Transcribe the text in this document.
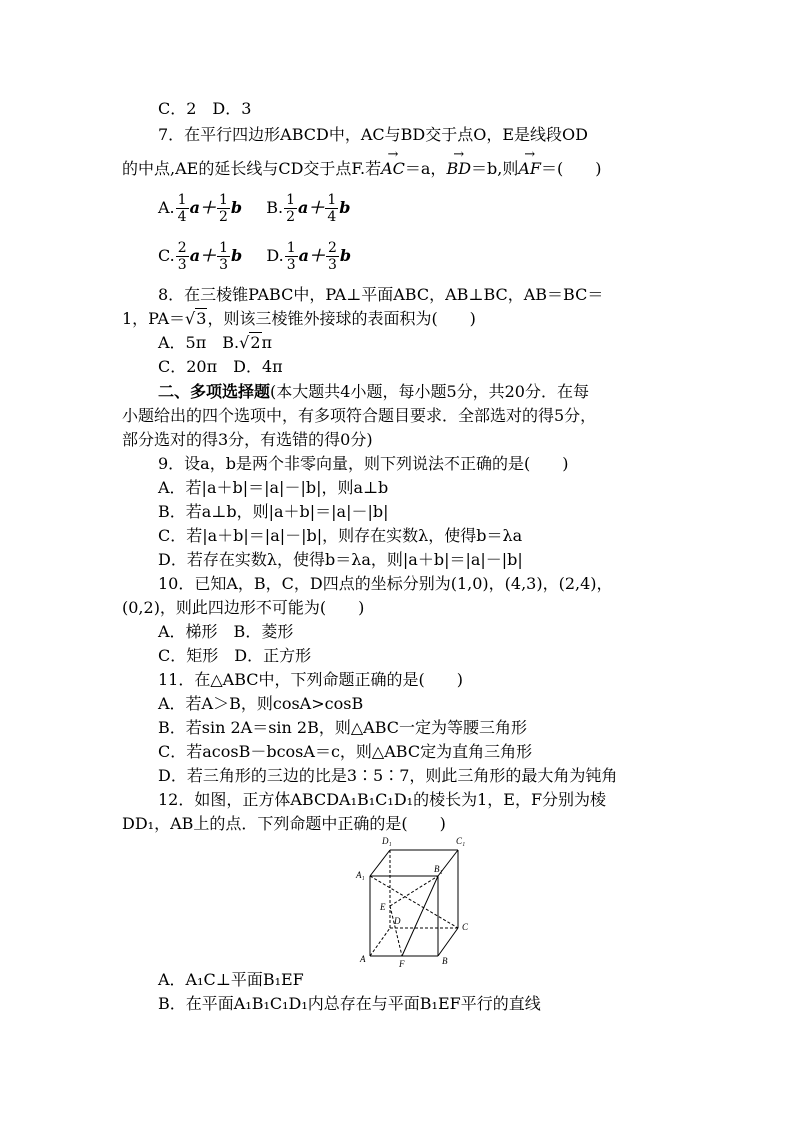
C．2　D．3
7．在平行四边形ABCD中，AC与BD交于点O，E是线段OD
的中点,AE的延长线与CD交于点F.若→ AC＝a，→ BD＝b,则→ AF＝(　　)
A. $\frac{1}{4} a+ \frac{1}{2}$ b B. $\frac{1}{2} a+ \frac{1}{4}$ b
C. $\frac{2}{3} a+ \frac{1}{3}$ b D. $\frac{1}{3} a+ \frac{2}{3}$ b
8．在三棱锥PABC中，PA⊥平面ABC，AB⊥BC，AB＝BC＝
1，PA＝√3，则该三棱锥外接球的表面积为(　　)
A．5π　B.√2π
C．20π　D．4π
二、多项选择题(本大题共4小题，每小题5分，共20分．在每
小题给出的四个选项中，有多项符合题目要求．全部选对的得5分，
部分选对的得3分，有选错的得0分)
9．设a，b是两个非零向量，则下列说法不正确的是(　　)
A．若|a＋b|＝|a|－|b|，则a⊥b
B．若a⊥b，则|a＋b|＝|a|－|b|
C．若|a＋b|＝|a|－|b|，则存在实数λ，使得b＝λa
D．若存在实数λ，使得b＝λa，则|a＋b|＝|a|－|b|
10．已知A，B，C，D四点的坐标分别为(1,0)，(4,3)，(2,4)，
(0,2)，则此四边形不可能为(　　)
A．梯形　B．菱形
C．矩形　D．正方形
11．在△ABC中，下列命题正确的是(　　)
A．若A＞B，则cosA>cosB
B．若sin 2A＝sin 2B，则△ABC一定为等腰三角形
C．若acosB－bcosA＝c，则△ABC定为直角三角形
D．若三角形的三边的比是3∶5∶7，则此三角形的最大角为钝角
12．如图，正方体ABCDA₁B₁C₁D₁的棱长为1，E，F分别为棱
DD₁，AB上的点．下列命题中正确的是(　　)
D₁	C₁
A₁
B₁
E
D
C
A	F	B
A．A₁C⊥平面B₁EF
B．在平面A₁B₁C₁D₁内总存在与平面B₁EF平行的直线
